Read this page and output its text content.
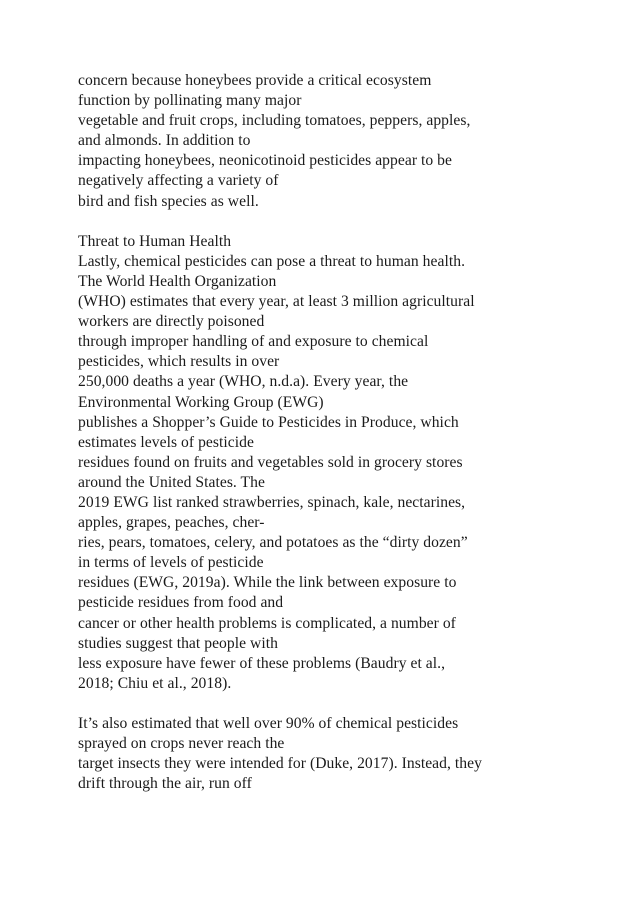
concern because honeybees provide a critical ecosystem
function by pollinating many major
vegetable and fruit crops, including tomatoes, peppers, apples,
and almonds. In addition to
impacting honeybees, neonicotinoid pesticides appear to be
negatively affecting a variety of
bird and fish species as well.
Threat to Human Health
Lastly, chemical pesticides can pose a threat to human health.
The World Health Organization
(WHO) estimates that every year, at least 3 million agricultural
workers are directly poisoned
through improper handling of and exposure to chemical
pesticides, which results in over
250,000 deaths a year (WHO, n.d.a). Every year, the
Environmental Working Group (EWG)
publishes a Shopper’s Guide to Pesticides in Produce, which
estimates levels of pesticide
residues found on fruits and vegetables sold in grocery stores
around the United States. The
2019 EWG list ranked strawberries, spinach, kale, nectarines,
apples, grapes, peaches, cher-
ries, pears, tomatoes, celery, and potatoes as the “dirty dozen”
in terms of levels of pesticide
residues (EWG, 2019a). While the link between exposure to
pesticide residues from food and
cancer or other health problems is complicated, a number of
studies suggest that people with
less exposure have fewer of these problems (Baudry et al.,
2018; Chiu et al., 2018).
It’s also estimated that well over 90% of chemical pesticides
sprayed on crops never reach the
target insects they were intended for (Duke, 2017). Instead, they
drift through the air, run off
